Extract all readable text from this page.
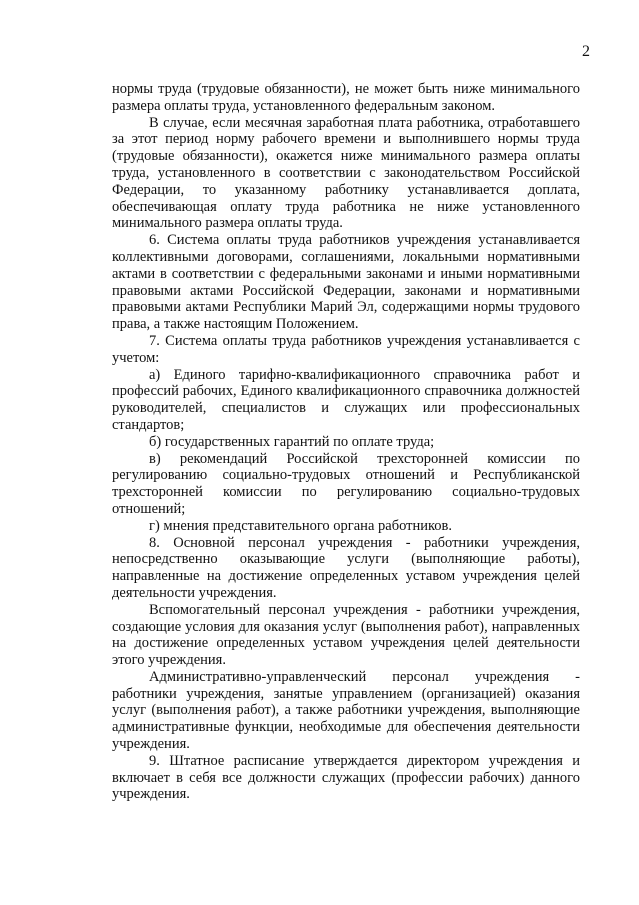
2

нормы труда (трудовые обязанности), не может быть ниже минимального размера оплаты труда, установленного федеральным законом.

В случае, если месячная заработная плата работника, отработавшего за этот период норму рабочего времени и выполнившего нормы труда (трудовые обязанности), окажется ниже минимального размера оплаты труда, установленного в соответствии с законодательством Российской Федерации, то указанному работнику устанавливается доплата, обеспечивающая оплату труда работника не ниже установленного минимального размера оплаты труда.

6. Система оплаты труда работников учреждения устанавливается коллективными договорами, соглашениями, локальными нормативными актами в соответствии с федеральными законами и иными нормативными правовыми актами Российской Федерации, законами и нормативными правовыми актами Республики Марий Эл, содержащими нормы трудового права, а также настоящим Положением.

7. Система оплаты труда работников учреждения устанавливается с учетом:

а) Единого тарифно-квалификационного справочника работ и профессий рабочих, Единого квалификационного справочника должностей руководителей, специалистов и служащих или профессиональных стандартов;

б) государственных гарантий по оплате труда;

в) рекомендаций Российской трехсторонней комиссии по регулированию социально-трудовых отношений и Республиканской трехсторонней комиссии по регулированию социально-трудовых отношений;

г) мнения представительного органа работников.

8. Основной персонал учреждения - работники учреждения, непосредственно оказывающие услуги (выполняющие работы), направленные на достижение определенных уставом учреждения целей деятельности учреждения.

Вспомогательный персонал учреждения - работники учреждения, создающие условия для оказания услуг (выполнения работ), направленных на достижение определенных уставом учреждения целей деятельности этого учреждения.

Административно-управленческий персонал учреждения - работники учреждения, занятые управлением (организацией) оказания услуг (выполнения работ), а также работники учреждения, выполняющие административные функции, необходимые для обеспечения деятельности учреждения.

9. Штатное расписание утверждается директором учреждения и включает в себя все должности служащих (профессии рабочих) данного учреждения.
